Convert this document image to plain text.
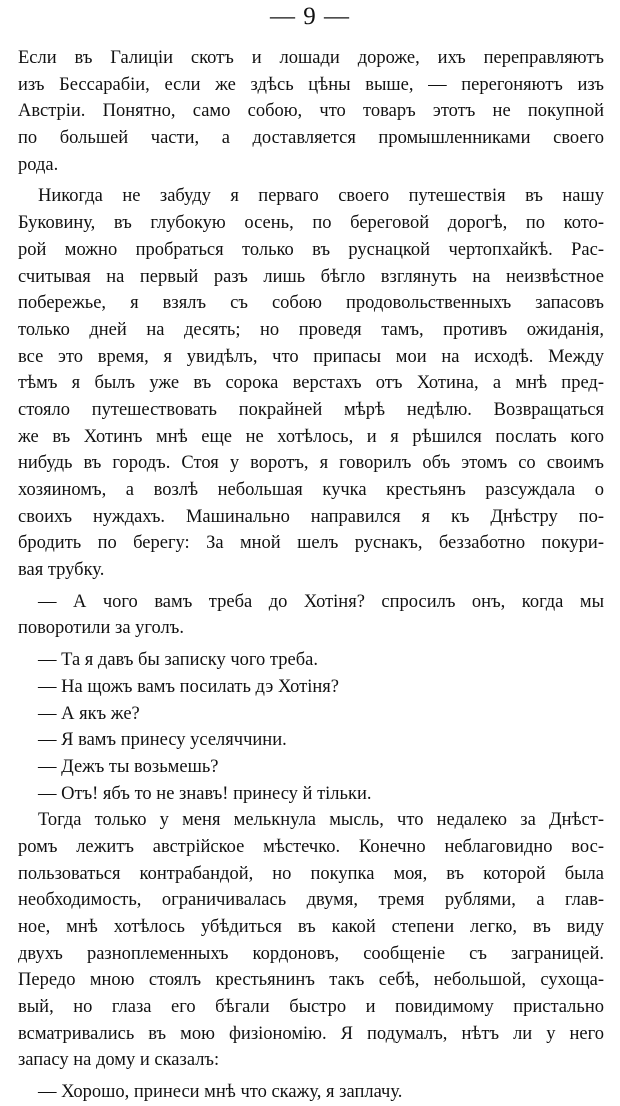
— 9 —
Если въ Галиціи скотъ и лошади дороже, ихъ переправляютъ
изъ Бессарабіи, если же здѣсь цѣны выше, — перегоняютъ изъ
Австріи. Понятно, само собою, что товаръ этотъ не покупной
по большей части, а доставляется промышленниками своего
рода.
Никогда не забуду я перваго своего путешествія въ нашу
Буковину, въ глубокую осень, по береговой дорогѣ, по кото-
рой можно пробраться только въ руснацкой чертопхайкѣ. Рас-
считывая на первый разъ лишь бѣгло взглянуть на неизвѣстное
побережье, я взялъ съ собою продовольственныхъ запасовъ
только дней на десять; но проведя тамъ, противъ ожиданія,
все это время, я увидѣлъ, что припасы мои на исходѣ. Между
тѣмъ я былъ уже въ сорока верстахъ отъ Хотина, а мнѣ пред-
стояло путешествовать покрайней мѣрѣ недѣлю. Возвращаться
же въ Хотинъ мнѣ еще не хотѣлось, и я рѣшился послать кого
нибудь въ городъ. Стоя у воротъ, я говорилъ объ этомъ со своимъ
хозяиномъ, а возлѣ небольшая кучка крестьянъ разсуждала о
своихъ нуждахъ. Машинально направился я къ Днѣстру по-
бродить по берегу: За мной шелъ руснакъ, беззаботно покури-
вая трубку.
— А чого вамъ треба до Хотіня? спросилъ онъ, когда мы
поворотили за уголъ.
— Та я давъ бы записку чого треба.
— На щожъ вамъ посилать дэ Хотіня?
— А якъ же?
— Я вамъ принесу уселяччини.
— Дежъ ты возьмешь?
— Отъ! ябъ то не знавъ! принесу й тільки.
Тогда только у меня мелькнула мысль, что недалеко за Днѣст-
ромъ лежитъ австрійское мѣстечко. Конечно неблаговидно вос-
пользоваться контрабандой, но покупка моя, въ которой была
необходимость, ограничивалась двумя, тремя рублями, а глав-
ное, мнѣ хотѣлось убѣдиться въ какой степени легко, въ виду
двухъ разноплеменныхъ кордоновъ, сообщеніе съ заграницей.
Передо мною стоялъ крестьянинъ такъ себѣ, небольшой, сухоща-
вый, но глаза его бѣгали быстро и повидимому пристально
всматривались въ мою физіономію. Я подумалъ, нѣтъ ли у него
запасу на дому и сказалъ:
— Хорошо, принеси мнѣ что скажу, я заплачу.
